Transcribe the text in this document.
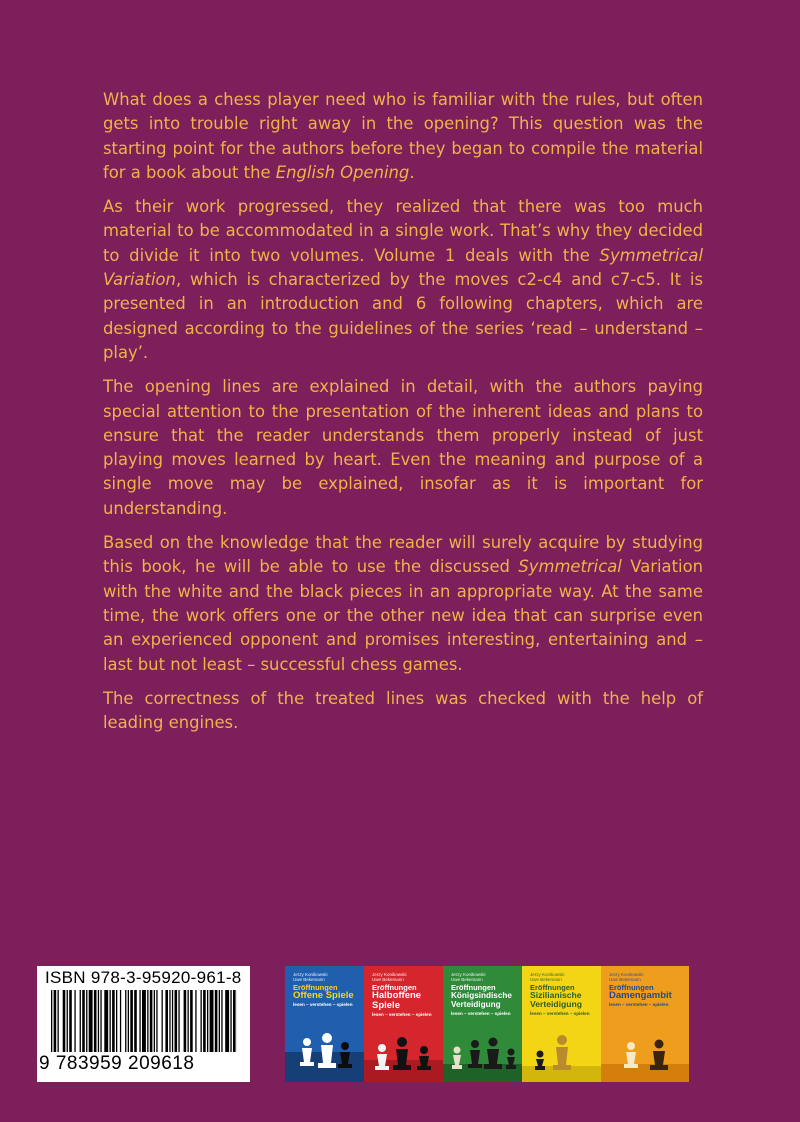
What does a chess player need who is familiar with the rules, but often gets into trouble right away in the opening? This question was the starting point for the authors before they began to compile the material for a book about the English Opening.

As their work progressed, they realized that there was too much material to be accommodated in a single work. That’s why they decided to divide it into two volumes. Volume 1 deals with the Symmetrical Variation, which is characterized by the moves c2-c4 and c7-c5. It is presented in an introduction and 6 following chapters, which are designed according to the guidelines of the series ‘read – understand – play’.

The opening lines are explained in detail, with the authors paying special attention to the presentation of the inherent ideas and plans to ensure that the reader understands them properly instead of just playing moves learned by heart. Even the meaning and purpose of a single move may be explained, insofar as it is important for understanding.

Based on the knowledge that the reader will surely acquire by studying this book, he will be able to use the discussed Symmetrical Variation with the white and the black pieces in an appropriate way. At the same time, the work offers one or the other new idea that can surprise even an experienced opponent and promises interesting, entertaining and – last but not least – successful chess games.

The correctness of the treated lines was checked with the help of leading engines.

ISBN 978-3-95920-961-8
9 783959 209618
Jerzy Konikowski
Uwe Bekemann
Eröffnungen
Offene Spiele
lesen – verstehen – spielen
Jerzy Konikowski
Uwe Bekemann
Eröffnungen
Halboffene Spiele
lesen – verstehen – spielen
Jerzy Konikowski
Uwe Bekemann
Eröffnungen
Königsindische Verteidigung
lesen – verstehen – spielen
Jerzy Konikowski
Uwe Bekemann
Eröffnungen
Sizilianische Verteidigung
lesen – verstehen – spielen
Jerzy Konikowski
Uwe Bekemann
Eröffnungen
Damengambit
lesen – verstehen – spielen
